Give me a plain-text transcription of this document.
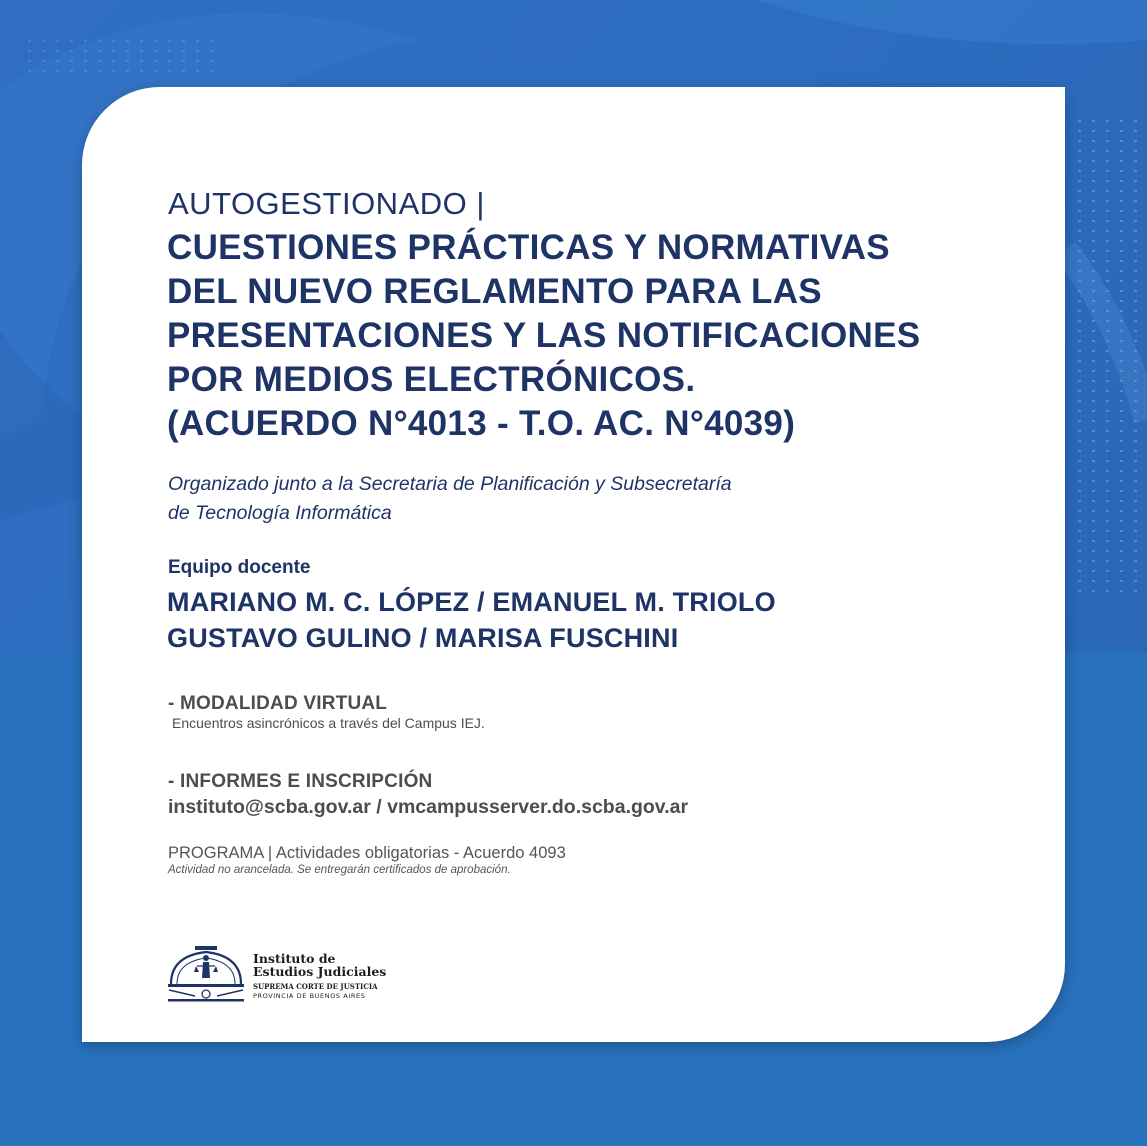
AUTOGESTIONADO |
CUESTIONES PRÁCTICAS Y NORMATIVAS
DEL NUEVO REGLAMENTO PARA LAS
PRESENTACIONES Y LAS NOTIFICACIONES
POR MEDIOS ELECTRÓNICOS.
(ACUERDO N°4013 - T.O. AC. N°4039)
Organizado junto a la Secretaria de Planificación y Subsecretaría
de Tecnología Informática
Equipo docente
MARIANO M. C. LÓPEZ / EMANUEL M. TRIOLO
GUSTAVO GULINO / MARISA FUSCHINI
- MODALIDAD VIRTUAL
Encuentros asincrónicos a través del Campus IEJ.
- INFORMES E INSCRIPCIÓN
instituto@scba.gov.ar / vmcampusserver.do.scba.gov.ar
PROGRAMA | Actividades obligatorias - Acuerdo 4093
Actividad no arancelada. Se entregarán certificados de aprobación.
Instituto de
Estudios Judiciales
SUPREMA CORTE DE JUSTICIA
PROVINCIA DE BUENOS AIRES
